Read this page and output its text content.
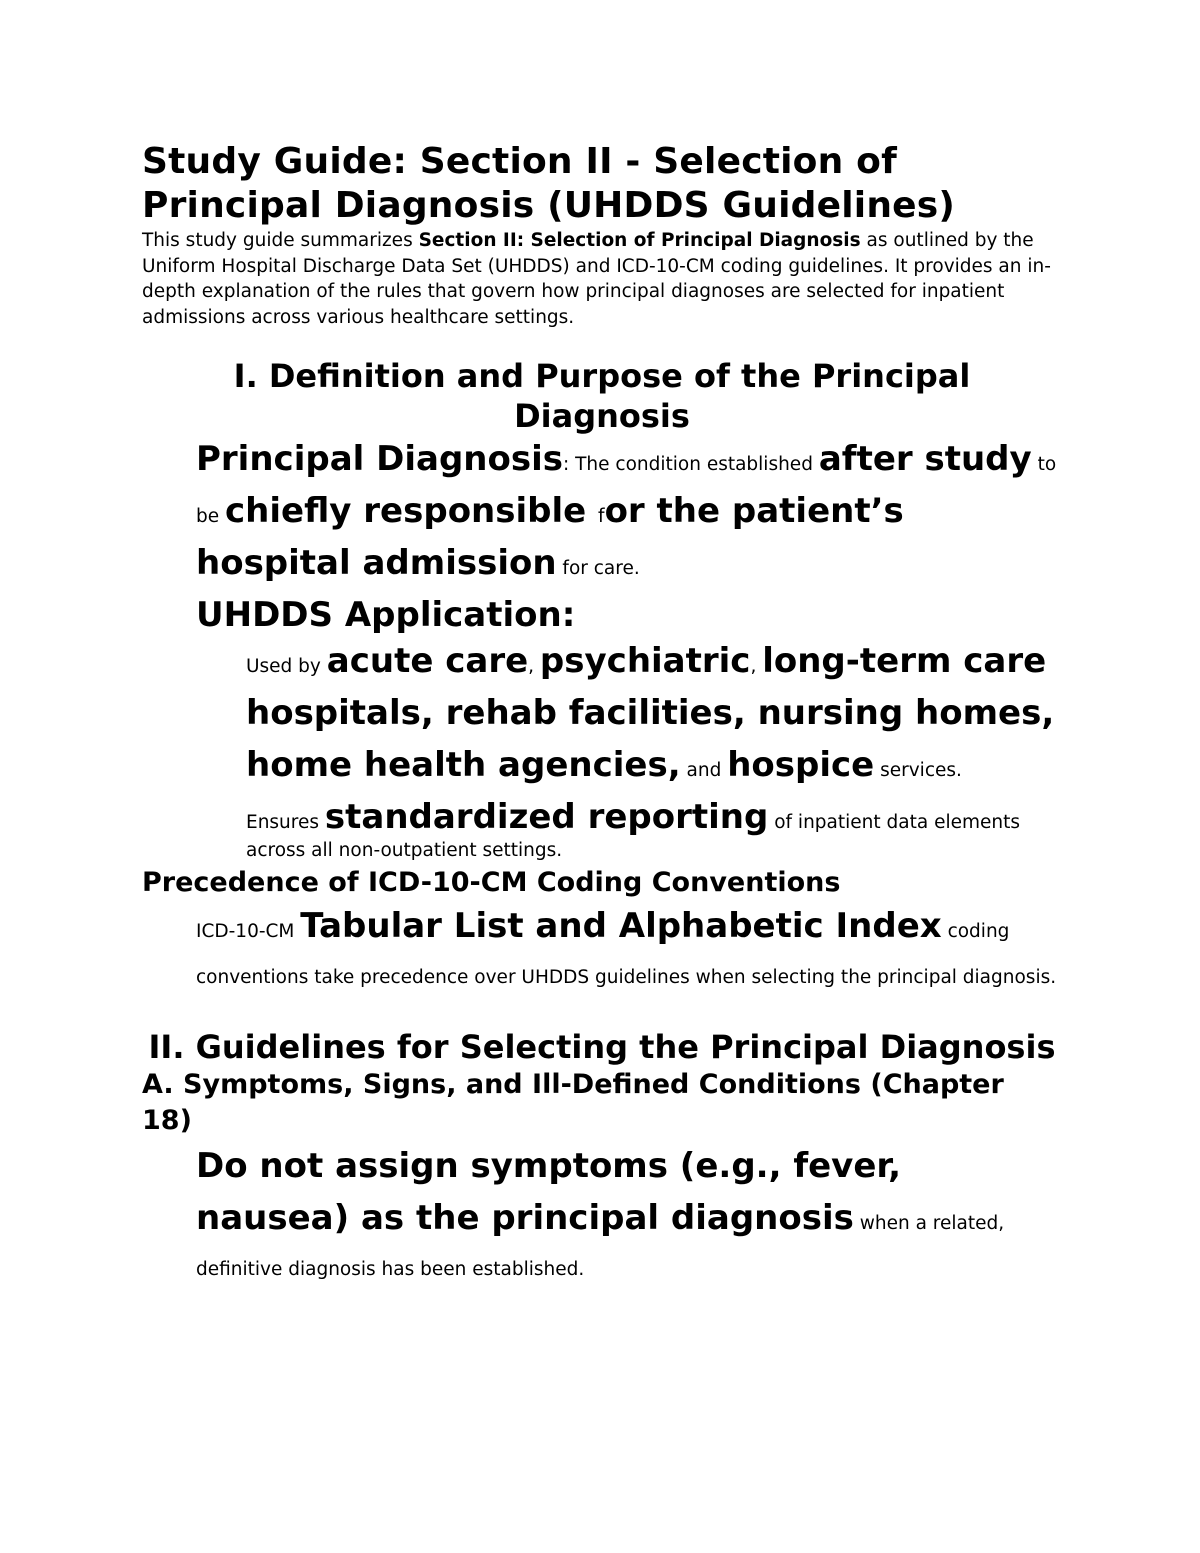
Study Guide: Section II - Selection of Principal Diagnosis (UHDDS Guidelines)

This study guide summarizes Section II: Selection of Principal Diagnosis as outlined by the Uniform Hospital Discharge Data Set (UHDDS) and ICD-10-CM coding guidelines. It provides an in-depth explanation of the rules that govern how principal diagnoses are selected for inpatient admissions across various healthcare settings.

I. Definition and Purpose of the Principal Diagnosis

Principal Diagnosis: The condition established after study to be chiefly responsible for the patient’s hospital admission for care.

UHDDS Application:

Used by acute care, psychiatric, long-term care hospitals, rehab facilities, nursing homes, home health agencies, and hospice services.

Ensures standardized reporting of inpatient data elements across all non-outpatient settings.

Precedence of ICD-10-CM Coding Conventions

ICD-10-CM Tabular List and Alphabetic Index coding conventions take precedence over UHDDS guidelines when selecting the principal diagnosis.

II. Guidelines for Selecting the Principal Diagnosis
A. Symptoms, Signs, and Ill-Defined Conditions (Chapter 18)

Do not assign symptoms (e.g., fever, nausea) as the principal diagnosis when a related, definitive diagnosis has been established.
